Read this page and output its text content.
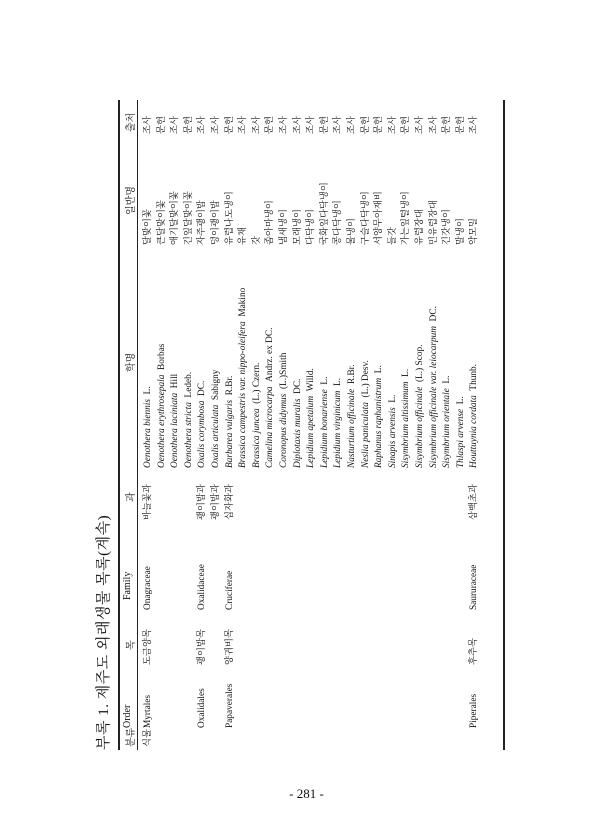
부록 1. 제주도 외래생물 목록(계속)	분류
Order
목
Family
과
학명
일반명
출처
식물
Myrtales
도금양목
Onagraceae
바늘꽃과
Oenothera biennis  L.
달맞이꽃
조사
Oenothera erythrosepala  Borbas
큰달맞이꽃
문헌
Oenothera laciniata  Hill
애기달맞이꽃
조사
Oenothera stricta  Ledeb.
긴잎달맞이꽃
문헌
Oxalidales
괭이밥목
Oxalidaceae
괭이밥과
Oxalis corymbosa  DC.
자주괭이밥
조사
괭이밥과
Oxalis articulata  Sabigny
덩이괭이밥
조사
Papaverales
양귀비목
Cruciferae
십자화과
Barbarea vulgaris  R.Br.
유럽나도냉이
문헌
Brassica campestris var. nippo-oleifera  Makino
유채
조사
Brassica juncea  (L.) Czern.
갓
조사
Camelina microcarpa  Andrz. ex DC.
좀아마냉이
문헌
Coronopus didymus  (L.)Smith
냄새냉이
조사
Diplotaxis muralis  DC.
모래냉이
조사
Lepidium apetalum  Willd.
다닥냉이
조사
Lepidium bonariense  L.
국화잎다닥냉이
문헌
Lepidium virginicum  L.
콩다닥냉이
조사
Nasturtium officinale  R.Br.
물냉이
조사
Neslia paniculata  (L.) Desv.
구슬다닥냉이
문헌
Raphanus raphanistrum  L.
서양무아재비
문헌
Sinapis arvensis  L.
들갓
조사
Sisymbrium altissimum  L.
가는잎털냉이
문헌
Sisymbrium officinale  (L.) Scop.
유럽장대
조사
Sisymbrium officinale var. leiocarpum  DC.
민유럽장대
조사
Sisymbrium orientale  L.
긴갓냉이
문헌
Thlaspi arvense  L.
말냉이
문헌
Piperales
후추목
Saururaceae
삼백초과
Houttuynia cordata  Thunb.
약모밀
조사
- 281 -
